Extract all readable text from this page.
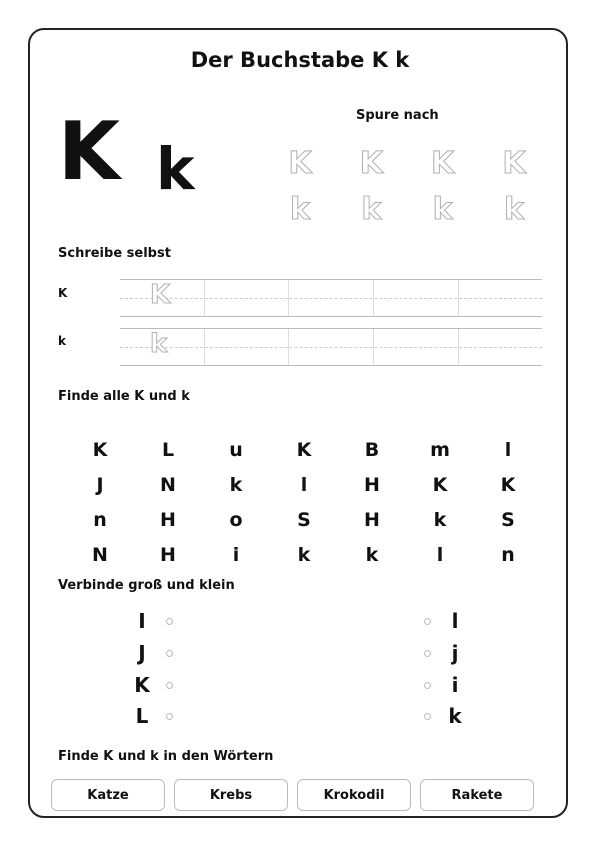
Der Buchstabe K k
K k
Spure nach
K K K K
k k k k
Schreibe selbst
K	K
k	k
Finde alle K und k
K	L	u	K	B	m	l
J	N	k	l	H	K	K
n	H	o	S	H	k	S
N	H	i	k	k	l	n
Verbinde groß und klein
I
J
K
L
l
j
i
k
Finde K und k in den Wörtern
Katze	Krebs	Krokodil	Rakete
